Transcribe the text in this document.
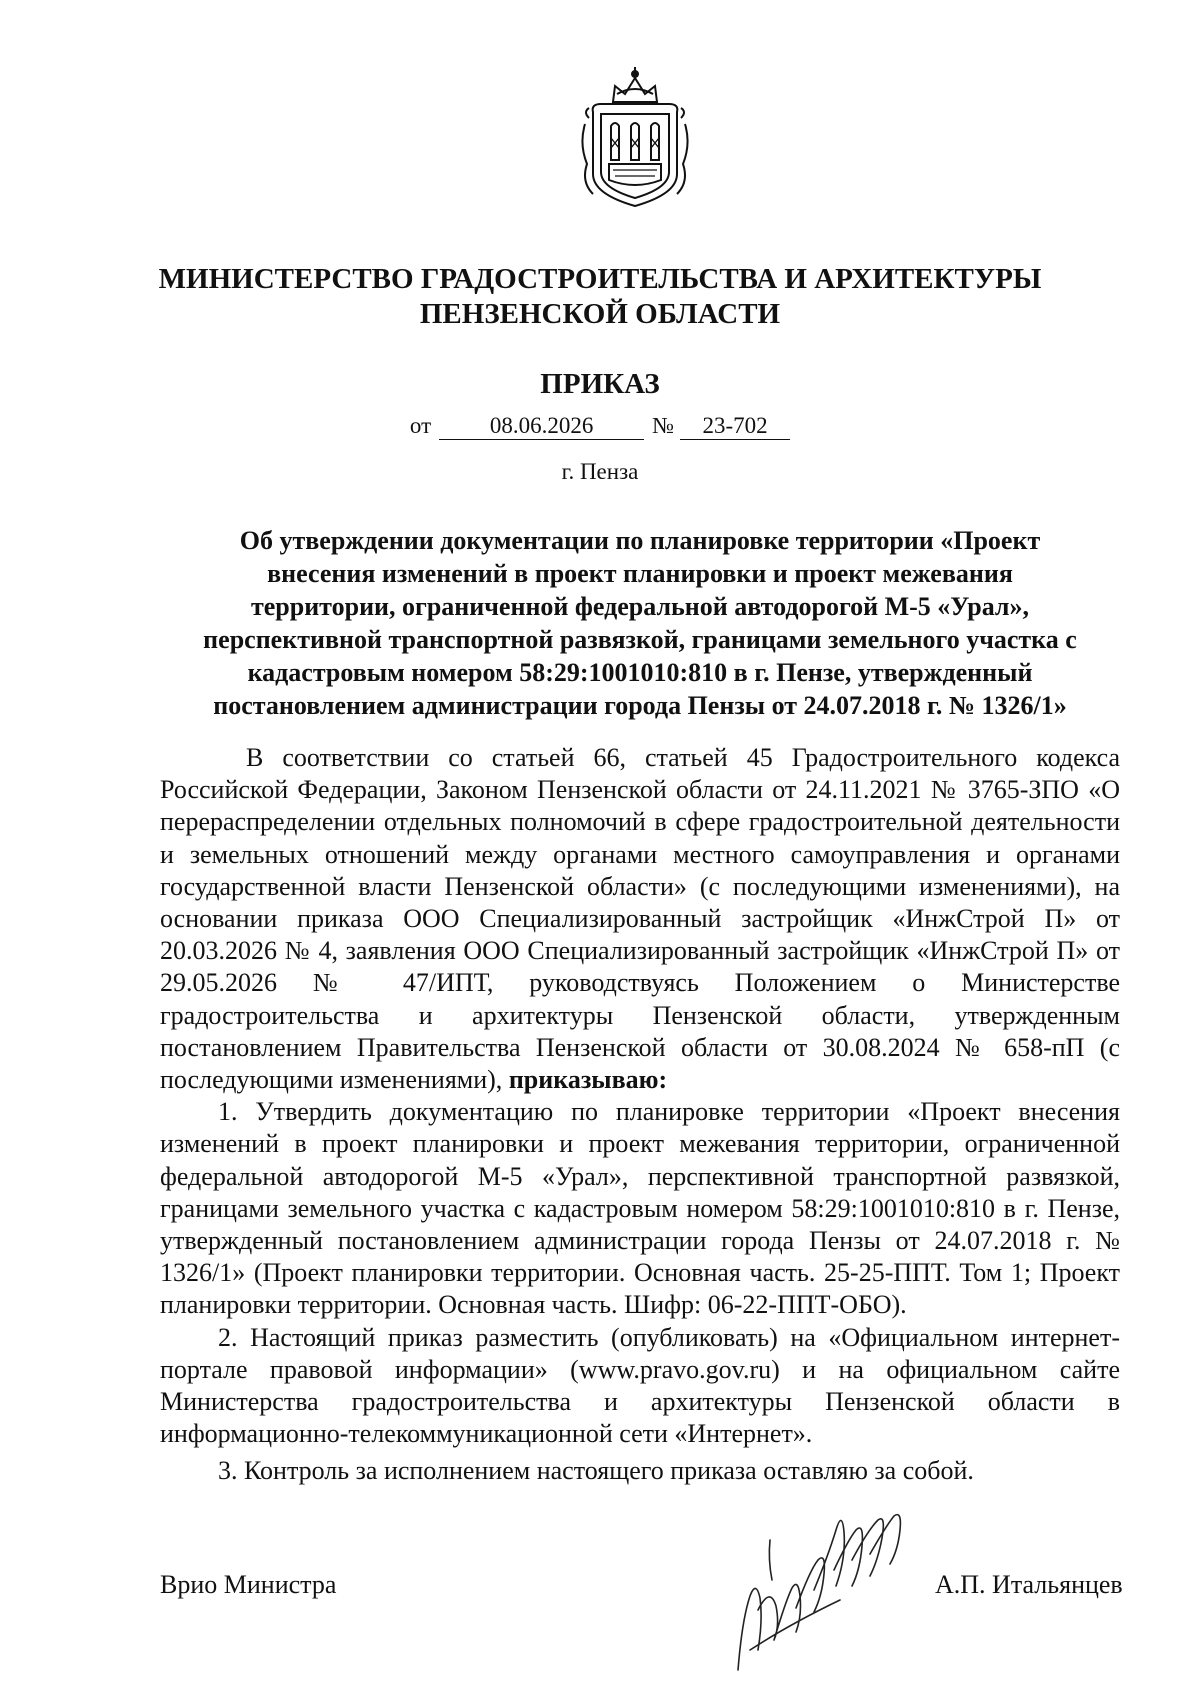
МИНИСТЕРСТВО ГРАДОСТРОИТЕЛЬСТВА И АРХИТЕКТУРЫ
ПЕНЗЕНСКОЙ ОБЛАСТИ
ПРИКАЗ
от	08.06.2026	№ 23-702
г. Пенза
Об утверждении документации по планировке территории «Проект
внесения изменений в проект планировки и проект межевания
территории, ограниченной федеральной автодорогой М-5 «Урал»,
перспективной транспортной развязкой, границами земельного участка с
кадастровым номером 58:29:1001010:810 в г. Пензе, утвержденный
постановлением администрации города Пензы от 24.07.2018 г. № 1326/1»

В соответствии со статьей 66, статьей 45 Градостроительного кодекса Российской Федерации, Законом Пензенской области от 24.11.2021 № 3765-ЗПО «О перераспределении отдельных полномочий в сфере градостроительной деятельности и земельных отношений между органами местного самоуправления и органами государственной власти Пензенской области» (с последующими изменениями), на основании приказа ООО Специализированный застройщик «ИнжСтрой П» от 20.03.2026 № 4, заявления ООО Специализированный застройщик «ИнжСтрой П» от 29.05.2026 № 47/ИПТ, руководствуясь Положением о Министерстве градостроительства и архитектуры Пензенской области, утвержденным постановлением Правительства Пензенской области от 30.08.2024 № 658-пП (с последующими изменениями), приказываю:

1. Утвердить документацию по планировке территории «Проект внесения изменений в проект планировки и проект межевания территории, ограниченной федеральной автодорогой М-5 «Урал», перспективной транспортной развязкой, границами земельного участка с кадастровым номером 58:29:1001010:810 в г. Пензе, утвержденный постановлением администрации города Пензы от 24.07.2018 г. № 1326/1» (Проект планировки территории. Основная часть. 25-25-ППТ. Том 1; Проект планировки территории. Основная часть. Шифр: 06-22-ППТ-ОБО).

2. Настоящий приказ разместить (опубликовать) на «Официальном интернет-портале правовой информации» (www.pravo.gov.ru) и на официальном сайте Министерства градостроительства и архитектуры Пензенской области в информационно-телекоммуникационной сети «Интернет».

3. Контроль за исполнением настоящего приказа оставляю за собой.

Врио Министра	А.П. Итальянцев
